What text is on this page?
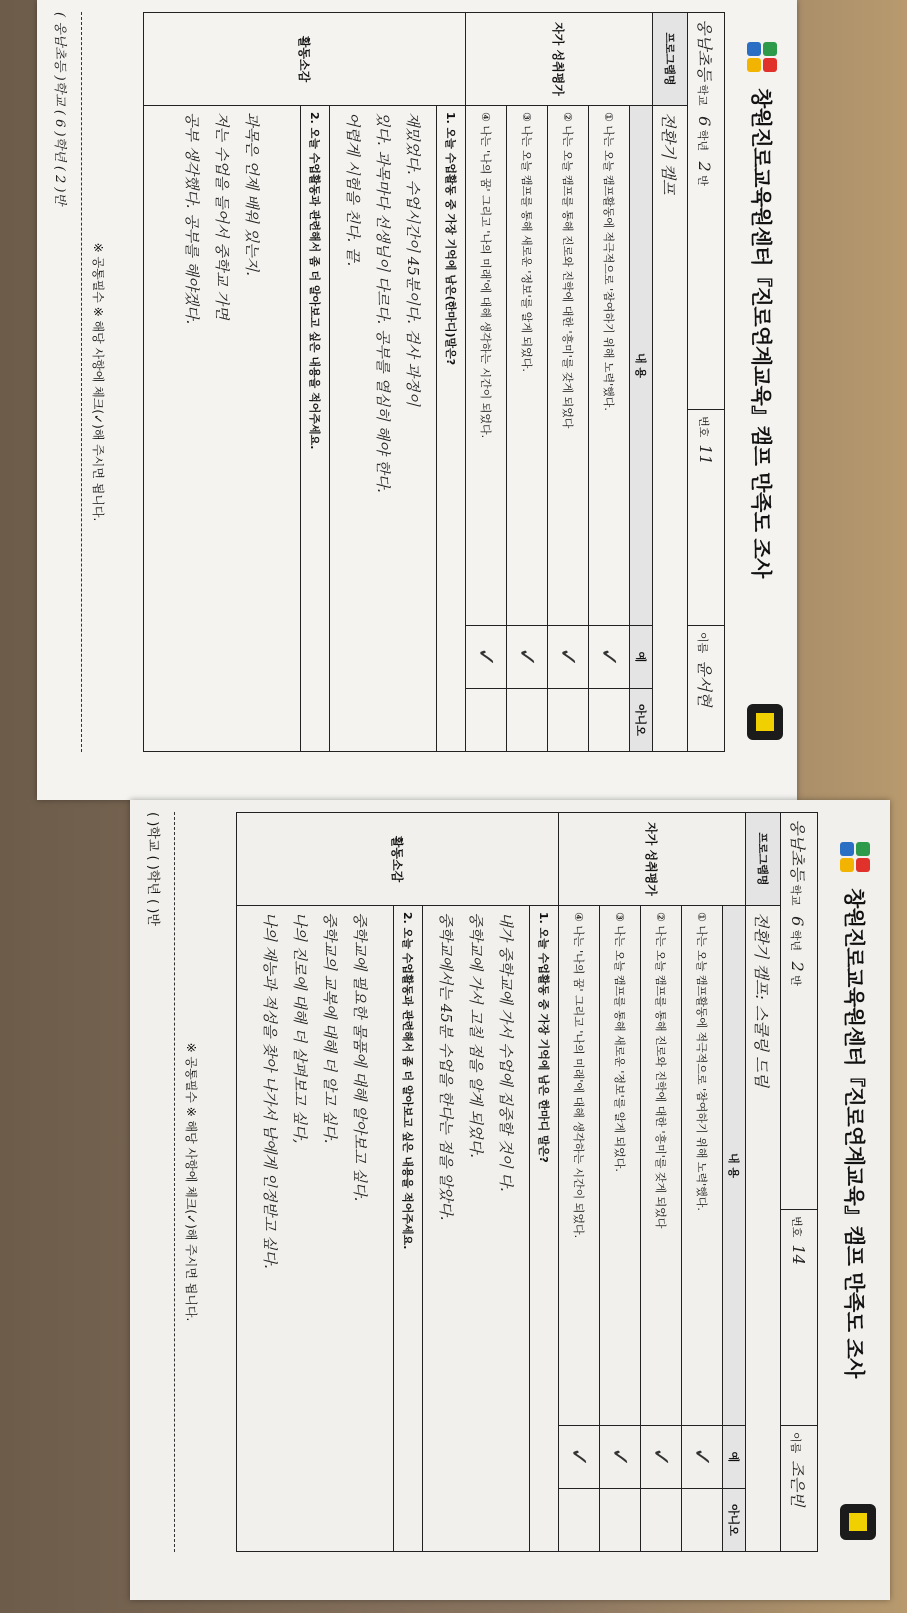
창원진로교육원센터『진로연계교육』캠프 만족도 조사
웅남초등 학교   6 학년   2 반		번호  11	이름  윤서현	
프로그램명	전환기 캠프			
자가 성취평가	내 용		예	아니오
	① 나는 오늘 캠프활동에 적극적으로 '참여하기 위해 노력'했다.		✓	
	② 나는 오늘 캠프를 통해 진로와 진학에 대한 '흥미'를 갖게 되었다		✓	
	③ 나는 오늘 캠프를 통해 새로운 '정보'를 알게 되었다.		✓	
	④ 나는 '나의 꿈' 그리고 '나의 미래'에 대해 생각하는 시간이 되었다.		✓	
활동소감	1. 오늘 수업활동 중 가장 기억에 남은(한마디)말은?			

	재밌었다. 수업시간이 45분이다. 검사 과정이
있다. 과목마다 선생님이 다르다. 공부를 열심히 해야 한다.
어렵게 시험을 친다. 끝.			

	2. 오늘 수업활동과 관련해서 좀 더 알아보고 싶은 내용을 적어주세요.			

	과목은 언제 배워 있는지.
저는 수업을 들어서 중학교 가면
공부 생각했다. 공부를 해야겠다.			
※ 공통필수 ※ 해당 사항에 체크(✓)해 주시면 됩니다.
( 웅남초등 )학교 ( 6 )학년 ( 2 )반
창원진로교육원센터『진로연계교육』캠프 만족도 조사
웅남초등 학교   6 학년   2 반		번호  14	이름  조은빈	
프로그램명	전환기 캠프: 스쿨링 드림			
자가 성취평가	내 용		예	아니오
	① 나는 오늘 캠프활동에 적극적으로 '참여하기 위해 노력'했다.		✓	
	② 나는 오늘 캠프를 통해 진로와 진학에 대한 '흥미'를 갖게 되었다		✓	
	③ 나는 오늘 캠프를 통해 새로운 '정보'를 알게 되었다.		✓	
	④ 나는 '나의 꿈' 그리고 '나의 미래'에 대해 생각하는 시간이 되었다.		✓	
활동소감	1. 오늘 수업활동 중 가장 기억에 남은 한마디 말은?			

	내가 중학교에 가서 수업에 집중할 것이 다.
중학교에 가서 고칠 점을 알게 되었다.
중학교에서는 45분 수업을 한다는 점을 알았다.			

	2. 오늘 수업활동과 관련해서 좀 더 알아보고 싶은 내용을 적어주세요.			

	중학교에 필요한 물품에 대해 알아보고 싶다.
중학교의 교복에 대해 더 알고 싶다.
나의 진로에 대해 더 살펴보고 싶다,
나의 재능과 적성을 찾아 나가서 남에게 인정받고 싶다.			
※ 공통필수 ※ 해당 사항에 체크(✓)해 주시면 됩니다.
( )학교 ( )학년 ( )반
